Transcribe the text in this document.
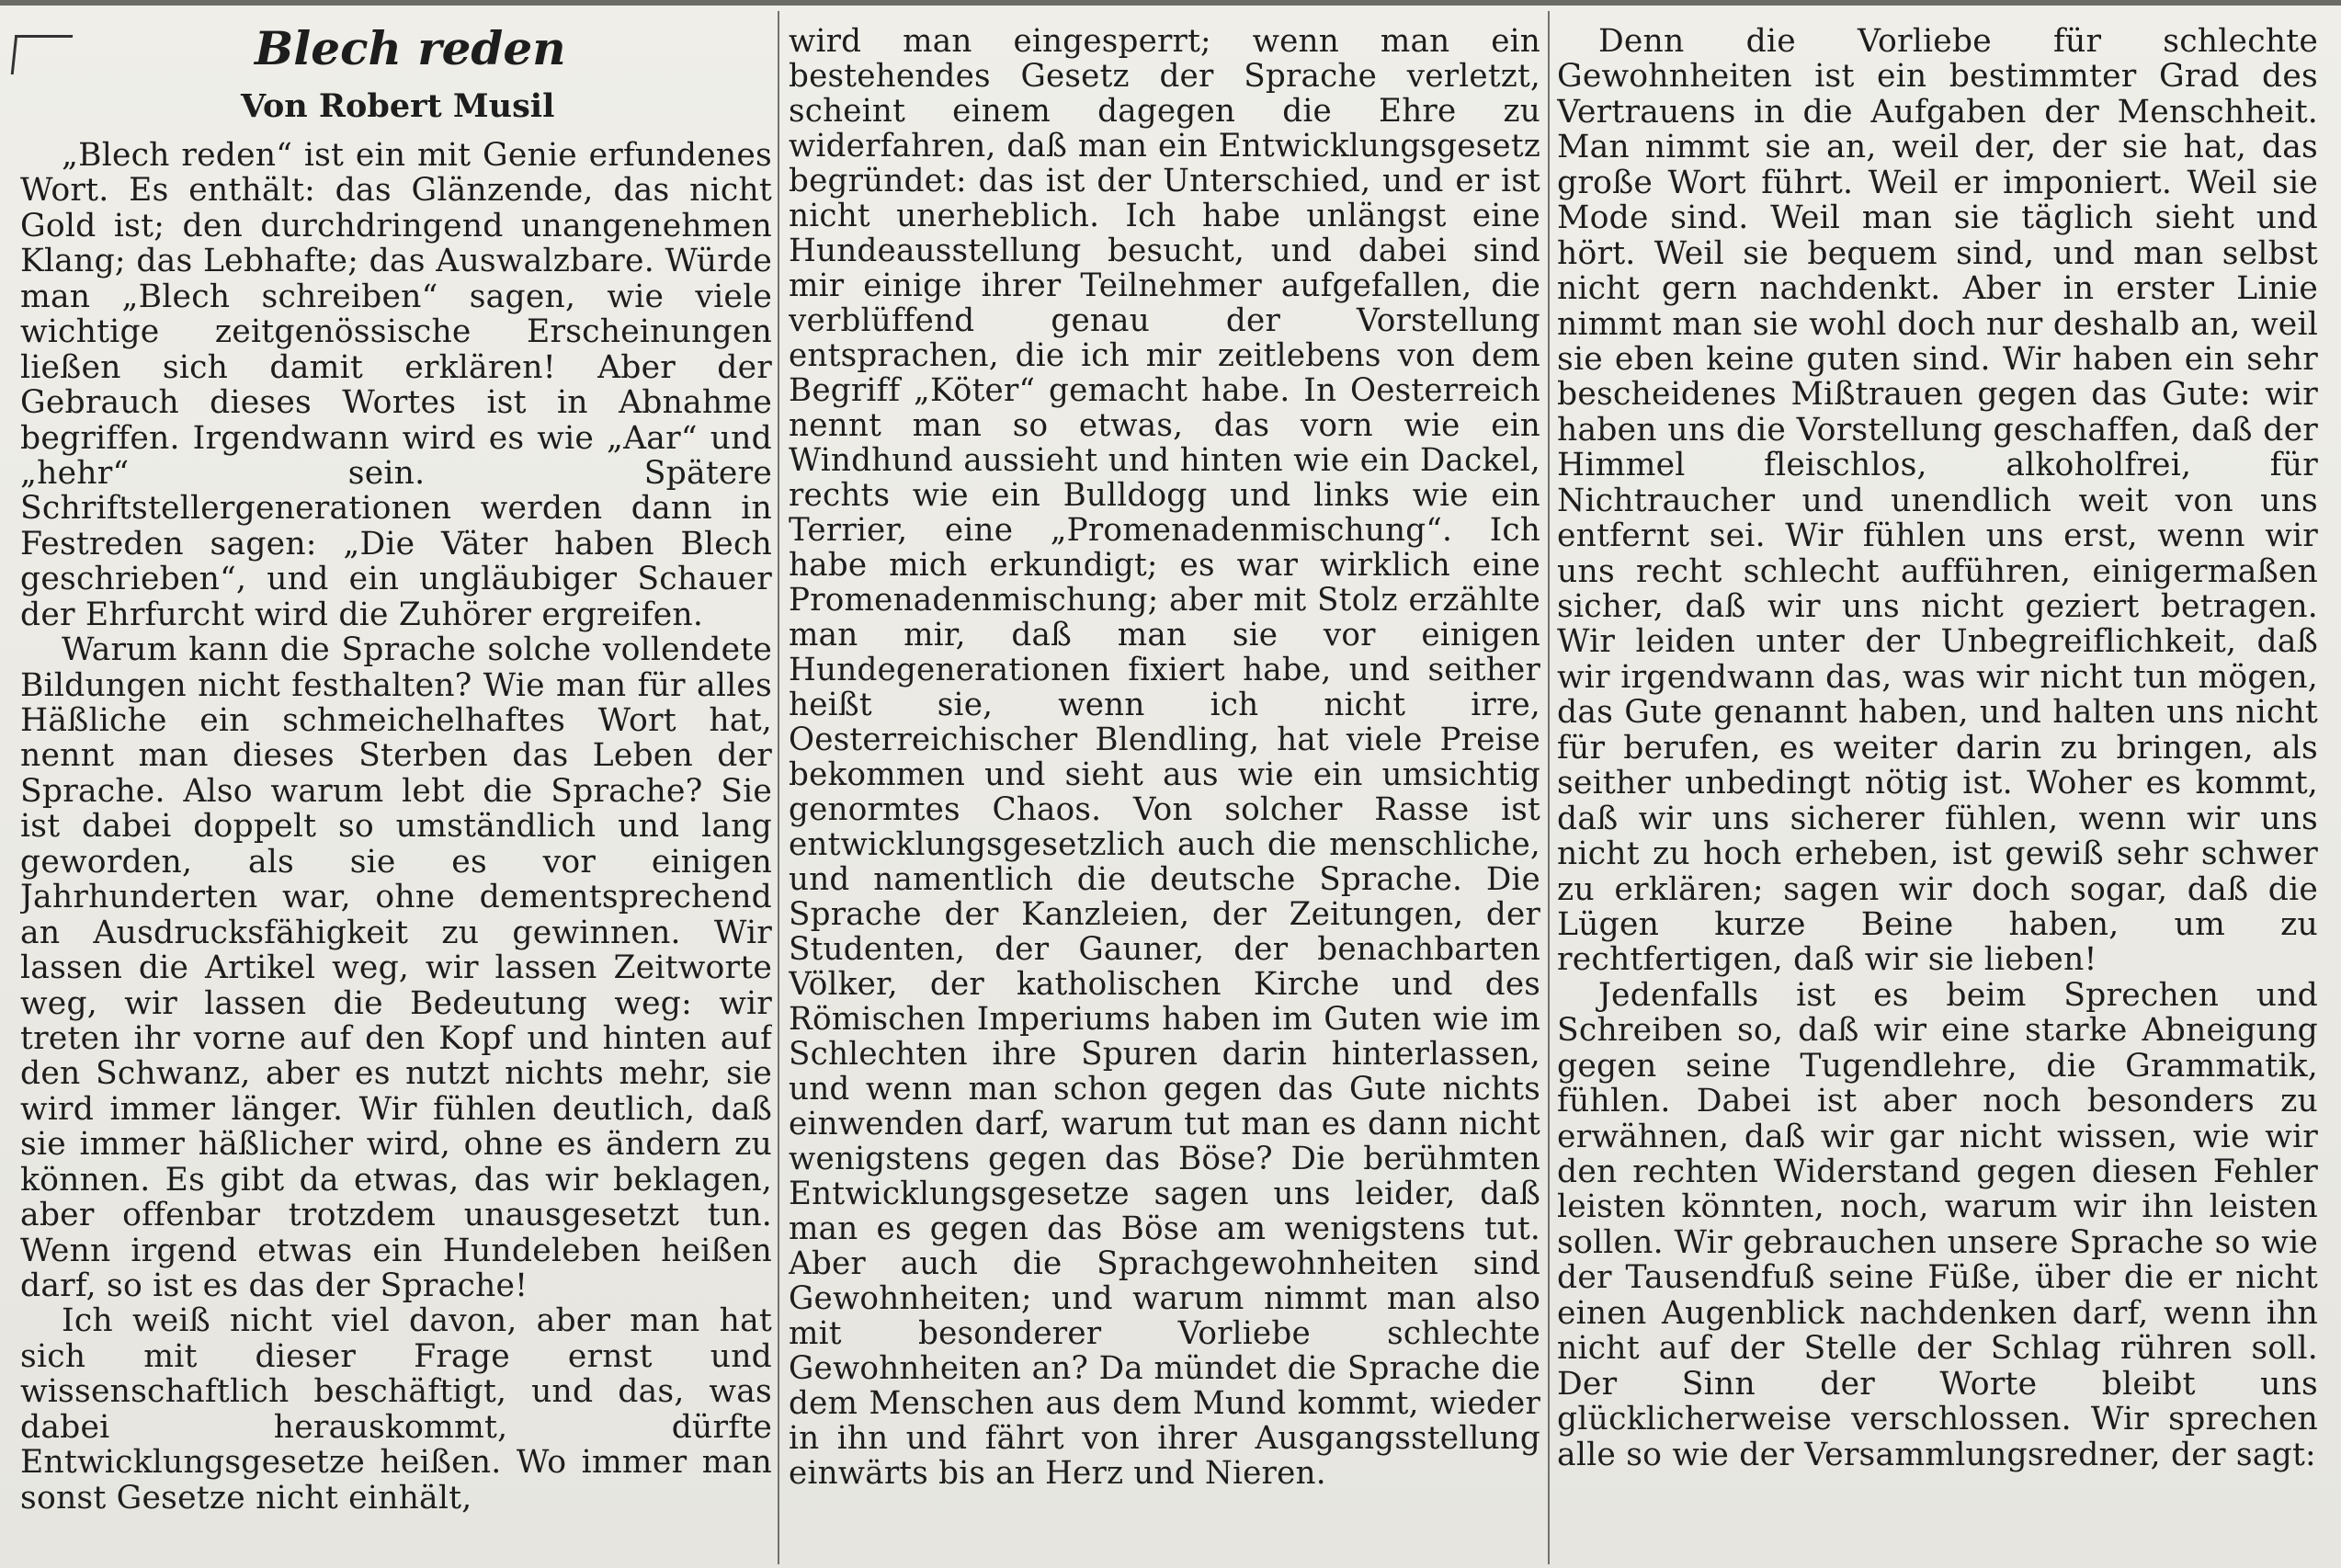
Blech reden
Von Robert Musil

„Blech reden“ ist ein mit Genie erfundenes Wort. Es enthält: das Glänzende, das nicht Gold ist; den durchdringend unangenehmen Klang; das Lebhafte; das Auswalzbare. Würde man „Blech schreiben“ sagen, wie viele wichtige zeitgenössische Erscheinungen ließen sich damit erklären! Aber der Gebrauch dieses Wortes ist in Abnahme begriffen. Irgendwann wird es wie „Aar“ und „hehr“ sein. Spätere Schriftstellergenerationen werden dann in Festreden sagen: „Die Väter haben Blech geschrieben“, und ein ungläubiger Schauer der Ehrfurcht wird die Zuhörer ergreifen.

Warum kann die Sprache solche vollendete Bildungen nicht festhalten? Wie man für alles Häßliche ein schmeichelhaftes Wort hat, nennt man dieses Sterben das Leben der Sprache. Also warum lebt die Sprache? Sie ist dabei doppelt so umständlich und lang geworden, als sie es vor einigen Jahrhunderten war, ohne dementsprechend an Ausdrucksfähigkeit zu gewinnen. Wir lassen die Artikel weg, wir lassen Zeitworte weg, wir lassen die Bedeutung weg: wir treten ihr vorne auf den Kopf und hinten auf den Schwanz, aber es nutzt nichts mehr, sie wird immer länger. Wir fühlen deutlich, daß sie immer häßlicher wird, ohne es ändern zu können. Es gibt da etwas, das wir beklagen, aber offenbar trotzdem unausgesetzt tun. Wenn irgend etwas ein Hundeleben heißen darf, so ist es das der Sprache!

Ich weiß nicht viel davon, aber man hat sich mit dieser Frage ernst und wissenschaftlich beschäftigt, und das, was dabei herauskommt, dürfte Entwicklungsgesetze heißen. Wo immer man sonst Gesetze nicht einhält,

wird man eingesperrt; wenn man ein bestehendes Gesetz der Sprache verletzt, scheint einem dagegen die Ehre zu widerfahren, daß man ein Entwicklungsgesetz begründet: das ist der Unterschied, und er ist nicht unerheblich. Ich habe unlängst eine Hundeausstellung besucht, und dabei sind mir einige ihrer Teilnehmer aufgefallen, die verblüffend genau der Vorstellung entsprachen, die ich mir zeitlebens von dem Begriff „Köter“ gemacht habe. In Oesterreich nennt man so etwas, das vorn wie ein Windhund aussieht und hinten wie ein Dackel, rechts wie ein Bulldogg und links wie ein Terrier, eine „Promenadenmischung“. Ich habe mich erkundigt; es war wirklich eine Promenadenmischung; aber mit Stolz erzählte man mir, daß man sie vor einigen Hundegenerationen fixiert habe, und seither heißt sie, wenn ich nicht irre, Oesterreichischer Blendling, hat viele Preise bekommen und sieht aus wie ein umsichtig genormtes Chaos. Von solcher Rasse ist entwicklungsgesetzlich auch die menschliche, und namentlich die deutsche Sprache. Die Sprache der Kanzleien, der Zeitungen, der Studenten, der Gauner, der benachbarten Völker, der katholischen Kirche und des Römischen Imperiums haben im Guten wie im Schlechten ihre Spuren darin hinterlassen, und wenn man schon gegen das Gute nichts einwenden darf, warum tut man es dann nicht wenigstens gegen das Böse? Die berühmten Entwicklungsgesetze sagen uns leider, daß man es gegen das Böse am wenigstens tut. Aber auch die Sprachgewohnheiten sind Gewohnheiten; und warum nimmt man also mit besonderer Vorliebe schlechte Gewohnheiten an? Da mündet die Sprache die dem Menschen aus dem Mund kommt, wieder in ihn und fährt von ihrer Ausgangsstellung einwärts bis an Herz und Nieren.

Denn die Vorliebe für schlechte Gewohnheiten ist ein bestimmter Grad des Vertrauens in die Aufgaben der Menschheit. Man nimmt sie an, weil der, der sie hat, das große Wort führt. Weil er imponiert. Weil sie Mode sind. Weil man sie täglich sieht und hört. Weil sie bequem sind, und man selbst nicht gern nachdenkt. Aber in erster Linie nimmt man sie wohl doch nur deshalb an, weil sie eben keine guten sind. Wir haben ein sehr bescheidenes Mißtrauen gegen das Gute: wir haben uns die Vorstellung geschaffen, daß der Himmel fleischlos, alkoholfrei, für Nichtraucher und unendlich weit von uns entfernt sei. Wir fühlen uns erst, wenn wir uns recht schlecht aufführen, einigermaßen sicher, daß wir uns nicht geziert betragen. Wir leiden unter der Unbegreiflichkeit, daß wir irgendwann das, was wir nicht tun mögen, das Gute genannt haben, und halten uns nicht für berufen, es weiter darin zu bringen, als seither unbedingt nötig ist. Woher es kommt, daß wir uns sicherer fühlen, wenn wir uns nicht zu hoch erheben, ist gewiß sehr schwer zu erklären; sagen wir doch sogar, daß die Lügen kurze Beine haben, um zu rechtfertigen, daß wir sie lieben!

Jedenfalls ist es beim Sprechen und Schreiben so, daß wir eine starke Abneigung gegen seine Tugendlehre, die Grammatik, fühlen. Dabei ist aber noch besonders zu erwähnen, daß wir gar nicht wissen, wie wir den rechten Widerstand gegen diesen Fehler leisten könnten, noch, warum wir ihn leisten sollen. Wir gebrauchen unsere Sprache so wie der Tausendfuß seine Füße, über die er nicht einen Augenblick nachdenken darf, wenn ihn nicht auf der Stelle der Schlag rühren soll. Der Sinn der Worte bleibt uns glücklicherweise verschlossen. Wir sprechen alle so wie der Versammlungsredner, der sagt:
